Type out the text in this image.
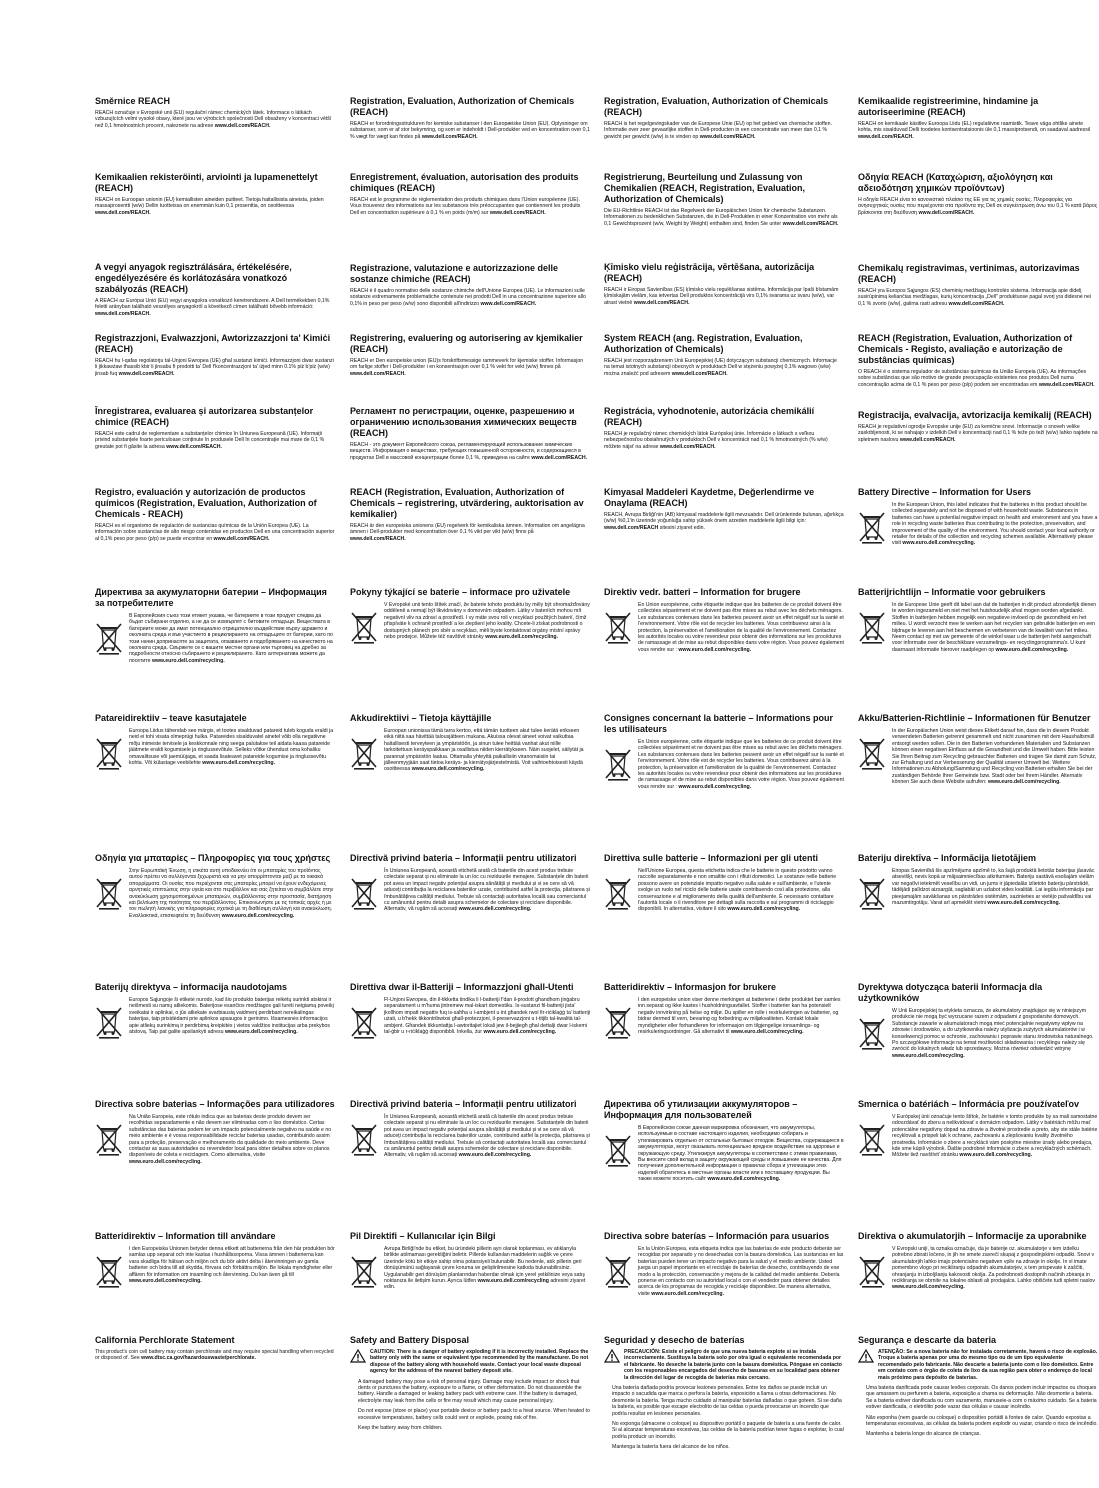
Směrnice REACH
REACH označuje v Evropské unii (EU) regulační rámec chemických látek. Informace o látkách vzbuzujících velmi vysoké obavy, které jsou ve výrobcích společnosti Dell obsaženy v koncentraci větší než 0,1 hmotnostních procent, naleznete na adrese www.dell.com/REACH.
Kemikaalien rekisteröinti, arviointi ja lupamenettelyt (REACH)
REACH on Euroopan unionin (EU) kemiallisten aineiden puitteet. Tietoja haitallisista aineista, joiden massaprosentti (w/w) Dellin tuotteissa on enemmän kuin 0,1 prosenttia, on osoitteessa www.dell.com/REACH.
A vegyi anyagok regisztrálására, értékelésére, engedélyezésére és korlátozására vonatkozó szabályozás (REACH)
A REACH az Európai Unió (EU) vegyi anyagokra vonatkozó keretrendszere. A Dell termékekben 0,1% feletti arányban található veszélyes anyagokról a következő címen található bővebb információ: www.dell.com/REACH.
Registrazzjoni, Evalwazzjoni, Awtorizzazzjoni ta' Kimiċi (REACH)
REACH hu l-qafas regolatorju tal-Unjoni Ewropea (UE) għal sustanzi kimiċi. Informazzjoni dwar sustanzi li jikkawżaw tħassib kbir li jinsabu fi prodotti ta' Dell f'konċentrazzjoni ta' iżjed minn 0.1% piż b'piż (w/w) jinsab fuq www.dell.com/REACH.
Înregistrarea, evaluarea și autorizarea substanțelor chimice (REACH)
REACH este cadrul de reglementare a substanțelor chimice în Uniunea Europeană (UE). Informații privind substanțele foarte periculoase conținute în produsele Dell în concentrație mai mare de 0,1 % greutate pot fi găsite la adresa www.dell.com/REACH.
Registro, evaluación y autorización de productos químicos (Registration, Evaluation, Authorization of Chemicals - REACH)
REACH es el organismo de regulación de sustancias químicas de la Unión Europea (UE). La información sobre sustancias de alto riesgo contenidas en productos Dell en una concentración superior al 0,1% peso por peso (p/p) se puede encontrar en www.dell.com/REACH.
Директива за акумулаторни батерии – Информация за потребителите
В Европейския съюз този етикет указва, че батериите в този продукт следва да бъдат събирани отделно, а не да се изхвърлят с битовите отпадъци. Веществата в батериите може да имат потенциално отрицателно въздействие върху здравето и околната среда и във участието в рециклирането на отпадъците от батерии, като по този начин допринасяте за защитата, опазването и подобряването на качеството на околната среда. Свържете се с вашите местни органи или търговец на дребно за подробности относно събирането и рециклирането. Като алтернатива можете да посетите www.euro.dell.com/recycling.
Patareidirektiiv – teave kasutajatele
Euroopa Liidus tähendab see märgis, et tootes sisalduvad patareid tuleb koguda eraldi ja neid ei tohi visata olmeprügi hulka. Patareides sisalduvatel ainetel võib olla negatiivne mõju inimeste tervisele ja keskkonnale ning seega palutakse teil aidata kaasa patareide jäätmete eraldi kogumisele ja ringlussevõtule. Selleks võtke ühendust oma kohaliku omavalitsuse või jaemüüjaga, et saada lisateavet patareide kogumise ja ringlussevõtu kohta. Või külastage veebilehte www.euro.dell.com/recycling.
Οδηγία για μπαταρίες – Πληροφορίες για τους χρήστες
Στην Ευρωπαϊκή Ένωση, η ετικέτα αυτή υποδεικνύει ότι οι μπαταρίες του προϊόντος αυτού πρέπει να συλλέγονται ξεχωριστά και να μην απορρίπτονται μαζί με τα οικιακά απορρίμματα. Οι ουσίες που περιέχονται στις μπαταρίες μπορεί να έχουν ενδεχόμενες αρνητικές επιπτώσεις στην υγεία και στο περιβάλλον και σας ζητείται να συμβάλλετε στην ανακύκλωση χρησιμοποιημένων μπαταριών, συμβάλλοντας στην προστασία, διατήρηση και βελτίωση της ποιότητας του περιβάλλοντος. Επικοινωνήστε με τις τοπικές αρχές ή με τον πωλητή λιανικής για πληροφορίες σχετικά με τη διαθέσιμη συλλογή και ανακύκλωση. Εναλλακτικά, επισκεφτείτε τη διεύθυνση www.euro.dell.com/recycling.
Baterijų direktyva – informacija naudotojams
Europos Sąjungoje ši etiketė nurodo, kad šio produkto baterijas reikėtų surinkti atskirai ir neišmesti su namų atliekomis. Baterijose esančios medžiagos gali turėti neigiamą poveikį sveikatai ir aplinkai, o jūs atliekate svarbiausią vaidmenį perdirbant nereikalingas baterijas, taip prisidėdami prie aplinkos apsaugos ir gerinimo. Išsamesnės informacijos apie atliekų surinkimą ir perdirbimą kreipkitės į vietos valdžios institucijas arba prekybos atstovą. Taip pat galite apsilankyti adresu www.euro.dell.com/recycling.
Directiva sobre baterias – Informações para utilizadores
Na União Europeia, este rótulo indica que as baterias deste produto devem ser recolhidas separadamente e não devem ser eliminadas com o lixo doméstico. Certas substâncias das baterias podem ter um impacto potencialmente negativo na saúde e no meio ambiente e é vossa responsabilidade reciclar baterias usadas, contribuindo assim para a proteção, preservação e melhoramento da qualidade do meio ambiente. Deve contactar as suas autoridades ou revendedor local para obter detalhes sobre os planos disponíveis de coleta e reciclagem. Como alternativa, visite www.euro.dell.com/recycling.
Batteridirektiv – Information till användare
I den Europeiska Unionen betyder denna etikett att batterierna från den här produkten bör samlas upp separat och inte kastas i hushållssoporna. Vissa ämnen i batterierna kan vara skadliga för hälsan och miljön och du bör aktivt delta i återvinningen av gamla batterier och bidra till att skydda, förvara och förbättra miljön. Be lokala myndigheter eller affären för information om insamling och återvinning. Du kan även gå till www.euro.dell.com/recycling.
California Perchlorate Statement
This product's coin cell battery may contain perchlorate and may require special handling when recycled or disposed of. See www.dtsc.ca.gov/hazardouswaste/perchlorate.
Registration, Evaluation, Authorization of Chemicals (REACH)
REACH er forordningsstrukturen for kemiske substanser i den Europæiske Union (EU). Oplysninger om substanser, som er af stor bekymring, og som er indeholdt i Dell-produkter ved en koncentration over 0,1 % vægt for vægt kan findes på www.dell.com/REACH.
Enregistrement, évaluation, autorisation des produits chimiques (REACH)
REACH est le programme de réglementation des produits chimiques dans l'Union européenne (UE). Vous trouverez des informations sur les substances très préoccupantes que contiennent les produits Dell en concentration supérieure à 0,1 % en poids (m/m) sur www.dell.com/REACH.
Registrazione, valutazione e autorizzazione delle sostanze chimiche (REACH)
REACH è il quadro normativo delle sostanze chimiche dell'Unione Europea (UE). Le informazioni sulle sostanze estremamente problematiche contenute nei prodotti Dell in una concentrazione superiore allo 0,1% in peso per peso (w/w) sono disponibili all'indirizzo www.dell.com/REACH.
Registrering, evaluering og autorisering av kjemikalier (REACH)
REACH er Den europeiske union (EU)s forskriftsmessige rammeverk for kjemiske stoffer. Informasjon om farlige stoffer i Dell-produkter i en konsentrasjon over 0,1 % vekt for vekt (w/w) finnes på www.dell.com/REACH.
Регламент по регистрации, оценке, разрешению и ограничению использования химических веществ (REACH)
REACH - это документ Европейского союза, регламентирующий использование химических веществ. Информация о веществах, требующих повышенной осторожности, и содержащихся в продуктах Dell в массовой концентрации более 0,1 %, приведена на сайте www.dell.com/REACH.
REACH (Registration, Evaluation, Authorization of Chemicals – registrering, utvärdering, auktorisation av kemikalier)
REACH är den europeiska unionens (EU) regelverk för kemikaliska ämnen. Information om angelägna ämnen i Dell-produkter med koncentration över 0,1 % vikt per vikt (w/w) finns på www.dell.com/REACH.
Pokyny týkající se baterie – informace pro uživatele
V Evropské unii tento štítek značí, že baterie tohoto produktu by měly být shromažďovány odděleně a nemají být likvidovány s domovním odpadem. Látky v bateriích mohou mít negativní vliv na zdraví a prostředí. I vy máte svou roli v recyklaci použitých baterií, čímž přispíváte k ochraně prostředí a ke zlepšení jeho kvality. Chcete-li získat podrobnosti o dostupných plánech pro sběr a recyklaci, měli byste kontaktovat orgány místní správy nebo prodejce. Můžete též navštívit stránky www.euro.dell.com/recycling.
Akkudirektiivi – Tietoja käyttäjille
Euroopan unionissa tämä tarra kertoo, että tämän tuotteen akut tulee kerätä erikseen eikä niitä saa hävittää talousjätteen mukana. Akuissa olevat aineet voivat vaikuttaa haitallisesti terveyteen ja ympäristöön, ja sinun tulee heittää vanhat akut niille tarkoitettuun keräyspaikkaan ja osallistua niiden kierrätykseen. Näin suojelet, säilytät ja parannat ympäristön laatua. Ottamalla yhteyttä paikallisiin viranomaisiin tai jälleenmyyjään saat tietoa keräys- ja kierrätysjärjestelmistä. Voit vaihtoehtoisesti käydä osoitteessa www.euro.dell.com/recycling.
Directivă privind bateria – Informații pentru utilizatori
În Uniunea Europeană, această etichetă arată că bateriile din acest produs trebuie colectate separat și nu eliminate la un loc cu reziduurile menajere. Substanțele din baterii pot avea un impact negativ potențial asupra sănătății și mediului și vi se cere să vă aduceți contribuția la reciclarea bateriilor uzate, contribuind astfel la protecția, păstrarea și îmbunătățirea calității mediului. Trebuie să contactați autoritatea locală sau comerciantul cu amănuntul pentru detalii asupra schemelor de colectare și reciclare disponibile. Alternativ, vă rugăm să accesați www.euro.dell.com/recycling.
Direttiva dwar il-Batteriji – Informazzjoni għall-Utenti
Fl-Unjoni Ewropea, din il-tikketta tindika li l-batteriji f'dan il-prodott għandhom jinġabru separatament u m'huma jintremew mal-iskart domestiku. Is-sustanzi fil-batteriji jista' jkollhom impatt negattiv fuq is-saħħa u l-ambjent u int għandek rwol fir-riċiklaġġ ta' batteriji użati, u b'hekk tikkontribwixxi għall-protezzjoni, il-preservazzjoni u t-titjib tal-kwalità tal-ambjent. Għandek tikkuntattja l-awtoritajiet lokali jew il-bejjiegħ għal dettalji dwar l-iskemi tal-ġbir u r-riċiklaġġ disponibbli. Inkella, żur www.euro.dell.com/recycling.
Directivă privind bateria – Informații pentru utilizatori
În Uniunea Europeană, această etichetă arată că bateriile din acest produs trebuie colectate separat și nu eliminate la un loc cu reziduurile menajere. Substanțele din baterii pot avea un impact negativ potențial asupra sănătății și mediului și vi se cere să vă aduceți contribuția la reciclarea bateriilor uzate, contribuind astfel la protecția, păstrarea și îmbunătățirea calității mediului. Trebuie să contactați autoritatea locală sau comerciantul cu amănuntul pentru detalii asupra schemelor de colectare și reciclare disponibile. Alternativ, vă rugăm să accesați www.euro.dell.com/recycling.
Pil Direktifi – Kullanıcılar için Bilgi
Avrupa Birliği'nde bu etiket, bu üründeki pillerin ayrı olarak toplanması, ev atıklarıyla birlikte atılmaması gerektiğini belirtir. Pillerde kullanılan maddelerin sağlık ve çevre üzerinde kötü bir etkiye sahip olma potansiyeli bulunabilir. Bu nedenle, atık pillerin geri dönüşümünü sağlayarak çevre koruma ve geliştirilmesine katkıda bulunabilirsiniz. Uygulanabilir geri dönüşüm planlarından haberdar olmak için yerel yetkilinize veya satış noktanıza ile iletişim kurun. Ayrıca lütfen www.euro.dell.com/recycling adresini ziyaret edin.
Safety and Battery Disposal
CAUTION: There is a danger of battery exploding if it is incorrectly installed. Replace the battery only with the same or equivalent type recommended by the manufacturer. Do not dispose of the battery along with household waste. Contact your local waste disposal agency for the address of the nearest battery deposit site.
• A damaged battery may pose a risk of personal injury. Damage may include impact or shock that dents or punctures the battery, exposure to a flame, or other deformation. Do not disassemble the battery. Handle a damaged or leaking battery pack with extreme care. If the battery is damaged, electrolyte may leak from the cells or fire may result which may cause personal injury.
• Do not expose (store or place) your portable device or battery pack to a heat source. When heated to excessive temperatures, battery cells could vent or explode, posing risk of fire.
• Keep the battery away from children.
Registration, Evaluation, Authorization of Chemicals (REACH)
REACH is het regelgevingskader van de Europese Unie (EU) op het gebied van chemische stoffen. Informatie over zeer gevaarlijke stoffen in Dell-producten in een concentratie van meer dan 0,1 % gewicht per gewicht (w/w) is te vinden op www.dell.com/REACH.
Registrierung, Beurteilung und Zulassung von Chemikalien (REACH, Registration, Evaluation, Authorization of Chemicals)
Die EU-Richtlinie REACH ist das Regelwerk der Europäischen Union für chemische Substanzen. Informationen zu bedenklichen Substanzen, die in Dell-Produkten in einer Konzentration von mehr als 0,1 Gewichtsprozent (w/w, Weight by Weight) enthalten sind, finden Sie unter www.dell.com/REACH.
Ķīmisko vielu reģistrācija, vērtēšana, autorizācija (REACH)
REACH ir Eiropas Savienības (ES) ķīmisko vielu regulēšanas sistēma. Informācija par īpaši bīstamām ķīmiskajām vielām, kas ietvertas Dell produktos koncentrācijā virs 0,1% svarama uz svaru (w/w), var atrast vietnē www.dell.com/REACH.
System REACH (ang. Registration, Evaluation, Authorization of Chemicals)
REACH jest rozporządzeniem Unii Europejskiej (UE) dotyczącym substancji chemicznych. Informacje na temat istotnych substancji obecnych w produktach Dell w stężeniu powyżej 0,1% wagowo (w/w) można znaleźć pod adresem www.dell.com/REACH.
Registrácia, vyhodnotenie, autorizácia chemikálií (REACH)
REACH je regulačný rámec chemických látok Európskej únie. Informácie o látkach s veľkou nebezpečnosťou obsiahnutých v produktoch Dell v koncentrácii nad 0,1 % hmotnostných (% w/w) môžete nájsť na adrese www.dell.com/REACH.
Kimyasal Maddeleri Kaydetme, Değerlendirme ve Onaylama (REACH)
REACH, Avrupa Birliği'nin (AB) kimyasal maddelerle ilgili mevzuatıdır. Dell ürünlerinde bulunan, ağırlıkça (w/w) %0,1'in üzerinde yoğunluğa sahip yüksek önem arzeden maddelerle ilgili bilgi için: www.dell.com/REACH sitesini ziyaret edin.
Direktiv vedr. batteri – Information for brugere
En Union européenne, cette étiquette indique que les batteries de ce produit doivent être collectées séparément et ne doivent pas être mises au rebut avec les déchets ménagers. Les substances contenues dans les batteries peuvent avoir un effet négatif sur la santé et l'environnement. Votre rôle est de recycler les batteries. Vous contribuerez ainsi à la protection, la préservation et l'amélioration de la qualité de l'environnement. Contactez les autorités locales ou votre revendeur pour obtenir des informations sur les procédures de ramassage et de mise au rebut disponibles dans votre région. Vous pouvez également vous rendre sur : www.euro.dell.com/recycling.
Consignes concernant la batterie – Informations pour les utilisateurs
En Union européenne, cette étiquette indique que les batteries de ce produit doivent être collectées séparément et ne doivent pas être mises au rebut avec les déchets ménagers. Les substances contenues dans les batteries peuvent avoir un effet négatif sur la santé et l'environnement. Votre rôle est de recycler les batteries. Vous contribuerez ainsi à la protection, la préservation et l'amélioration de la qualité de l'environnement. Contactez les autorités locales ou votre revendeur pour obtenir des informations sur les procédures de ramassage et de mise au rebut disponibles dans votre région. Vous pouvez également vous rendre sur : www.euro.dell.com/recycling.
Direttiva sulle batterie – Informazioni per gli utenti
Nell'Unione Europea, questa etichetta indica che le batterie in questo prodotto vanno raccolte separatamente e non smaltite con i rifiuti domestici. Le sostanze nelle batterie possono avere un potenziale impatto negativo sulla salute e sull'ambiente, e l'utente svolge un ruolo nel riciclo delle batterie usate contribuendo così alla protezione, alla conservazione e al miglioramento della qualità dell'ambiente. È necessario contattare l'autorità locale o il rivenditore per dettagli sulla raccolta e sui programmi di riciclaggio disponibili. In alternativa, visitare il sito www.euro.dell.com/recycling.
Batteridirektiv – Informasjon for brukere
I den europeiske union viser denne merkingen at batteriene i dette produktet bør samles inn separat og ikke kastes i husholdningsavfallet. Stoffer i batterier kan ha potensielt negativ innvirkning på helse og miljø. Du spiller en rolle i resirkuleringen av batterier, og bidrar dermed til vern, bevaring og forbedring av miljøkvaliteten. Kontakt lokale myndigheter eller forhandleren for informasjon om tilgjengelige innsamlings- og resirkuleringsordninger. Gå alternativt til www.euro.dell.com/recycling.
Директива об утилизации аккумуляторов – Информация для пользователей
В Европейском союзе данная маркировка обозначает, что аккумуляторы, используемые в составе настоящего изделия, необходимо собирать и утилизировать отдельно от остальных бытовых отходов. Вещества, содержащиеся в аккумуляторах, могут оказывать потенциально вредное воздействие на здоровье и окружающую среду. Утилизируя аккумуляторы в соответствии с этими правилами, Вы вносите свой вклад в защиту окружающей среды и повышение ее качества. Для получения дополнительной информации о правилах сбора и утилизации этих изделий обратитесь в местные органы власти или к поставщику продукции. Вы также можете посетить сайт www.euro.dell.com/recycling.
Directiva sobre baterías – Información para usuarios
En la Unión Europea, esta etiqueta indica que las baterías de este producto deberán ser recogidas por separado y no desechadas con la basura doméstica. Las sustancias en las baterías pueden tener un impacto negativo para la salud y el medio ambiente. Usted juega un papel importante en el reciclaje de baterías de desecho, contribuyendo de ese modo a la protección, conservación y mejora de la calidad del medio ambiente. Debería ponerse en contacto con su autoridad local o con el vendedor para obtener detalles acerca de los programas de recogida y reciclaje disponibles. De manera alternativa, visite www.euro.dell.com/recycling.
Seguridad y desecho de baterías
PRECAUCIÓN: Existe el peligro de que una nueva batería explote si se instala incorrectamente. Sustituya la batería solo por otra igual o equivalente recomendada por el fabricante. No deseche la batería junto con la basura doméstica. Póngase en contacto con los responsables encargados del desecho de basuras en su localidad para obtener la dirección del lugar de recogida de baterías más cercano.
• Una batería dañada podría provocar lesiones personales. Entre los daños se puede incluir un impacto o sacudida que marca o perfora la batería, exposición a llama u otras deformaciones. No desmonte la batería. Tenga mucho cuidado al manipular baterías dañadas o que goteen. Si se daña la batería, es posible que escape electrolito de las celdas o pueda provocarse un incendio que podría resultar en lesiones personales.
• No exponga (almacene o coloque) su dispositivo portátil o paquete de batería a una fuente de calor. Si al alcanzar temperaturas excesivas, las celdas de la batería podrían tener fugas o explotar, lo cual podría producir un incendio.
• Mantenga la batería fuera del alcance de los niños.
Kemikaalide registreerimine, hindamine ja autoriseerimine (REACH)
REACH on kemikaale käsitlev Euroopa Liidu (EL) regulatiivne raamistik. Teave väga ohtlike ainete kohta, mis sisalduvad Delli toodetes kontsentratsioonis üle 0,1 massiprotsendi, on saadaval aadressil www.dell.com/REACH.
Οδηγία REACH (Καταχώριση, αξιολόγηση και αδειοδότηση χημικών προϊόντων)
Η οδηγία REACH είναι το κανονιστικό πλαίσιο της ΕΕ για τις χημικές ουσίες. Πληροφορίες για ανησυχητικές ουσίες που περιέχονται στα προϊόντα της Dell σε συγκέντρωση άνω του 0,1 % κατά βάρος βρίσκονται στη διεύθυνση www.dell.com/REACH.
Chemikalų registravimas, vertinimas, autorizavimas (REACH)
REACH yra Europos Sąjungos (ES) cheminių medžiagų kontrolės sistema. Informacija apie didelį susirūpinimą keliančias medžiagas, kurių koncentracija „Dell" produktuose pagal svorį yra didesnė nei 0,1 % svorio (w/w), galima rasti adresu www.dell.com/REACH.
REACH (Registration, Evaluation, Authorization of Chemicals - Registo, avaliação e autorização de substâncias químicas)
O REACH é o sistema regulador de substâncias químicas da União Europeia (UE). As informações sobre substâncias que são motivo de grande preocupação existentes nos produtos Dell numa concentração acima de 0,1 % peso por peso (p/p) podem ser encontradas em www.dell.com/REACH.
Registracija, evalvacija, avtorizacija kemikalij (REACH)
REACH je regulativni ogrodje Evropske unije (EU) za kemične snovi. Informacije o snoveh velike zaskrbljenosti, ki se nahajajo v izdelkih Dell v koncentraciji nad 0,1 % teže po teži (w/w) lahko najdete na spletnem naslovu www.dell.com/REACH.
Battery Directive – Information for Users
In the European Union, this label indicates that the batteries in this product should be collected separately and not be disposed of with household waste. Substances in batteries can have a potential negative impact on health and environment and you have a role in recycling waste batteries thus contributing to the protection, preservation, and improvement of the quality of the environment. You should contact your local authority or retailer for details of the collection and recycling schemes available. Alternatively please visit www.euro.dell.com/recycling.
Batterijrichtlijn – Informatie voor gebruikers
In de Europese Unie geeft dit label aan dat de batterijen in dit product afzonderlijk dienen te worden ingezameld en niet met het huishoudelijk afval mogen worden afgedankt. Stoffen in batterijen hebben mogelijk een negatieve invloed op de gezondheid en het milieu. U wordt verzocht mee te werken aan het recyclen van gebruikte batterijen en een bijdrage te leveren aan het beschermen en verbeteren van de kwaliteit van het milieu. Neem contact op met uw gemeente of de winkel waar u de batterijen hebt aangeschaft voor informatie over de beschikbare verzamelings- en recyclingprogramma's. U kunt daarnaast informatie hierover raadplegen op www.euro.dell.com/recycling.
Akku/Batterien-Richtlinie – Informationen für Benutzer
In der Europäischen Union weist dieses Etikett darauf hin, dass die in diesem Produkt verwendeten Batterien getrennt gesammelt und nicht zusammen mit dem Haushaltsmüll entsorgt werden sollen. Die in den Batterien vorhandenen Materialien und Substanzen können einen negativen Einfluss auf die Gesundheit und die Umwelt haben. Bitte leisten Sie Ihren Beitrag zum Recycling gebrauchter Batterien und tragen Sie damit zum Schutz, zur Erhaltung und zur Verbesserung der Qualität unserer Umwelt bei. Weitere Informationen zu Abholung/Sammlung und Recycling von Batterien erhalten Sie bei der zuständigen Behörde Ihrer Gemeinde bzw. Stadt oder bei Ihrem Händler. Alternativ können Sie auch diese Website aufrufen: www.euro.dell.com/recycling.
Bateriju direktīva – Informācija lietotājiem
Eiropas Savienībā šis apzīmējums apzīmē to, ka šajā produktā lietotās baterijas jāsavāc atsevišķi, nevis kopā ar mājsaimniecības atkritumiem. Bateriju sastāvā esošajām vielām var negatīvi ietekmēt veselību un vidi, un jums ir jāpiedalās izlietoto bateriju pārstrādē, tādējādi palīdzot aizsargāt, saglabāt un uzlabot vides kvalitāti. Lai iegūtu informāciju par pieejamajām savākšanas un pārstrādes sistēmām, sazinieties ar vietējo pašvaldību vai mazumtirgotāju. Varat arī apmeklēt vietni www.euro.dell.com/recycling.
Dyrektywa dotycząca baterii Informacja dla użytkowników
W Unii Europejskiej ta etykieta oznacza, że akumulatory znajdujące się w niniejszym produkcie nie mogą być wyrzucane razem z odpadami z gospodarstw domowych. Substancje zawarte w akumulatorach mogą mieć potencjalnie negatywny wpływ na zdrowie i środowisko, a do użytkownika należy utylizacja zużytych akumulatorów i w konsekwencji pomoc w ochronie, zachowaniu i poprawie stanu środowiska naturalnego. Po szczegółowe informacje na temat możliwości składowania i recyklingu należy się zwrócić do lokalnych władz lub sprzedawcy. Można również odwiedzić witrynę www.euro.dell.com/recycling.
Smernica o batériách – Informácia pre používateľov
V Európskej únii označuje tento štítok, že batérie v tomto produkte by sa mali samostatne odovzdávať do zberu a nelikvidovať s domácim odpadom. Látky v batériách môžu mať potenciálne negatívny dopad na zdravie a životné prostredie a preto, aby ste stále batérie recyklovali a prispeli tak k ochrane, zachovaniu a zlepšovaniu kvality životného prostredia. Informácie o zbere a recyklácii vám poskytne miestne úrady alebo predajca, kde sme kúpili výrobok. Ďalšie podrobné informácie o zbere a recyklačných schémach. Môžete tiež navštíviť stránku www.euro.dell.com/recycling.
Direktiva o akumulatorjih – Informacije za uporabnike
V Evropski uniji, ta oznaka označuje, da je baterije oz. akumulatorje v tem izdelku potrebno zbirati ločeno, in jih ne smete zavreči skupaj z gospodinjskimi odpadki. Snovi v akumulatorjih lahko imajo potencialno negativen vpliv na zdravje in okolje. In vi imate pomembno vlogo pri recikliranju odpadnih akumulatorjev, s tem prispevate k zaščiti, ohranjanju in izboljšanju kakovosti okolja. Za podrobnosti dostopnih načinih zbiranja in recikliranja se obrnite na lokalne oblasti ali prodajalca. Lahko obiščete tudi spletni naslov www.euro.dell.com/recycling.
Segurança e descarte da bateria
ATENÇÃO: Se a nova bateria não for instalada corretamente, haverá o risco de explosão. Troque a bateria apenas por uma do mesmo tipo ou de um tipo equivalente recomendado pelo fabricante. Não descarte a bateria junto com o lixo doméstico. Entre em contato com o órgão de coleta de lixo da sua região para obter o endereço do local mais próximo para depósito de baterias.
• Uma bateria danificada pode causar lesões corporais. Os danos podem incluir impactos ou choques que amassem ou perfurem a bateria, exposição a chama ou deformação. Não desmonte a bateria. Se a bateria estiver danificada ou com vazamento, manuseie-a com o máximo cuidado. Se a bateria estiver danificada, o eletrólito pode vazar das células e causar incêndio.
• Não exponha (nem guarde ou coloque) o dispositivo portátil à fontes de calor. Quando expostas a temperaturas excessivas, as células da bateria podem explodir ou vazar, criando o risco de incêndio.
• Mantenha a bateria longe do alcance de crianças.
